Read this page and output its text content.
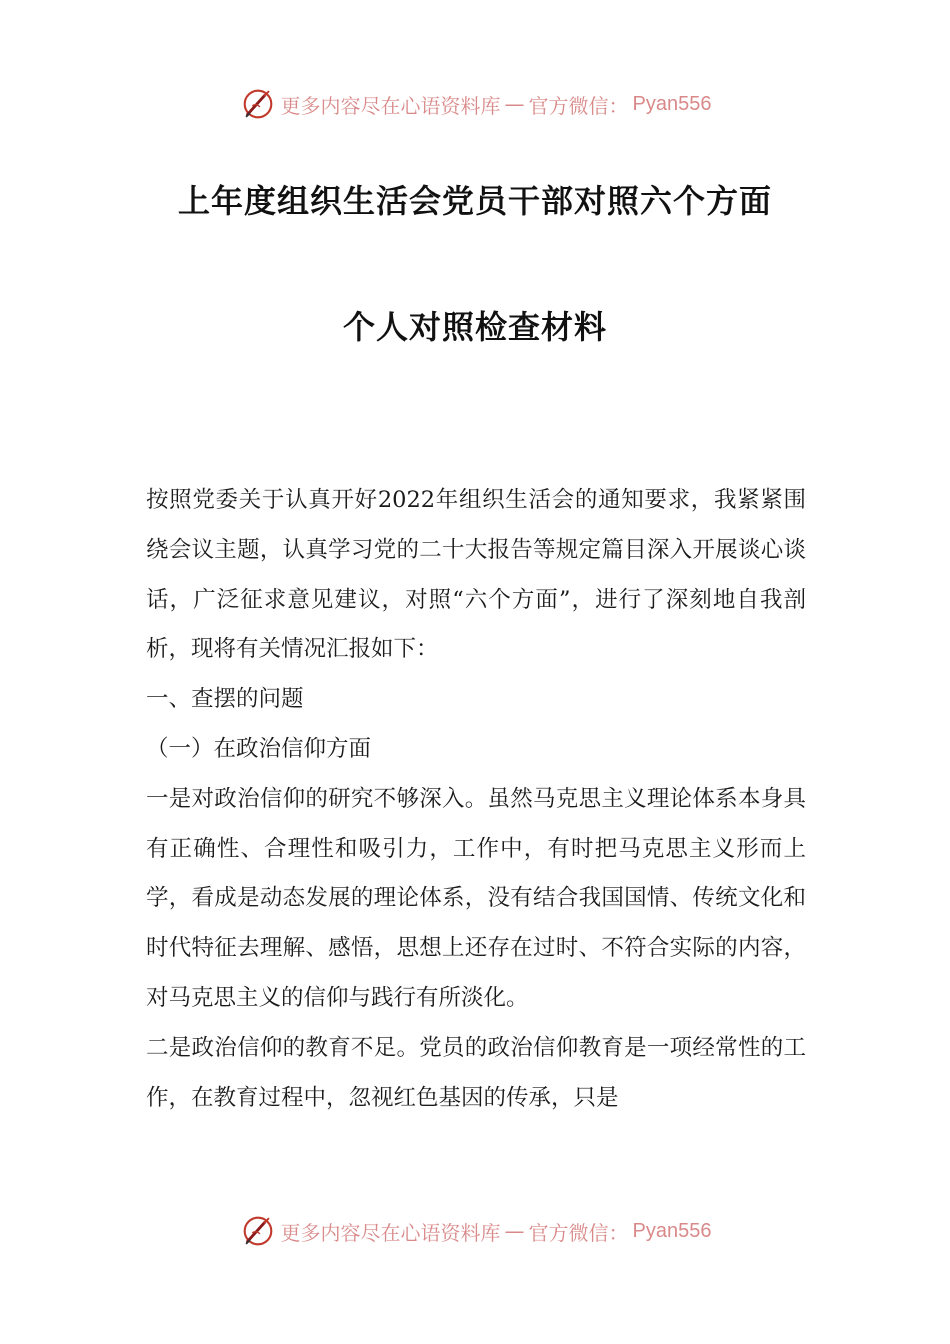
更多内容尽在心语资料库 — 官方微信： Pyan556
上年度组织生活会党员干部对照六个方面
个人对照检查材料

按照党委关于认真开好2022年组织生活会的通知要求，我紧紧围绕会议主题，认真学习党的二十大报告等规定篇目深入开展谈心谈话，广泛征求意见建议，对照“六个方面”，进行了深刻地自我剖析，现将有关情况汇报如下：

一、查摆的问题

（一）在政治信仰方面

一是对政治信仰的研究不够深入。虽然马克思主义理论体系本身具有正确性、合理性和吸引力，工作中，有时把马克思主义形而上学，看成是动态发展的理论体系，没有结合我国国情、传统文化和时代特征去理解、感悟，思想上还存在过时、不符合实际的内容，对马克思主义的信仰与践行有所淡化。

二是政治信仰的教育不足。党员的政治信仰教育是一项经常性的工作，在教育过程中，忽视红色基因的传承，只是

更多内容尽在心语资料库 — 官方微信： Pyan556
